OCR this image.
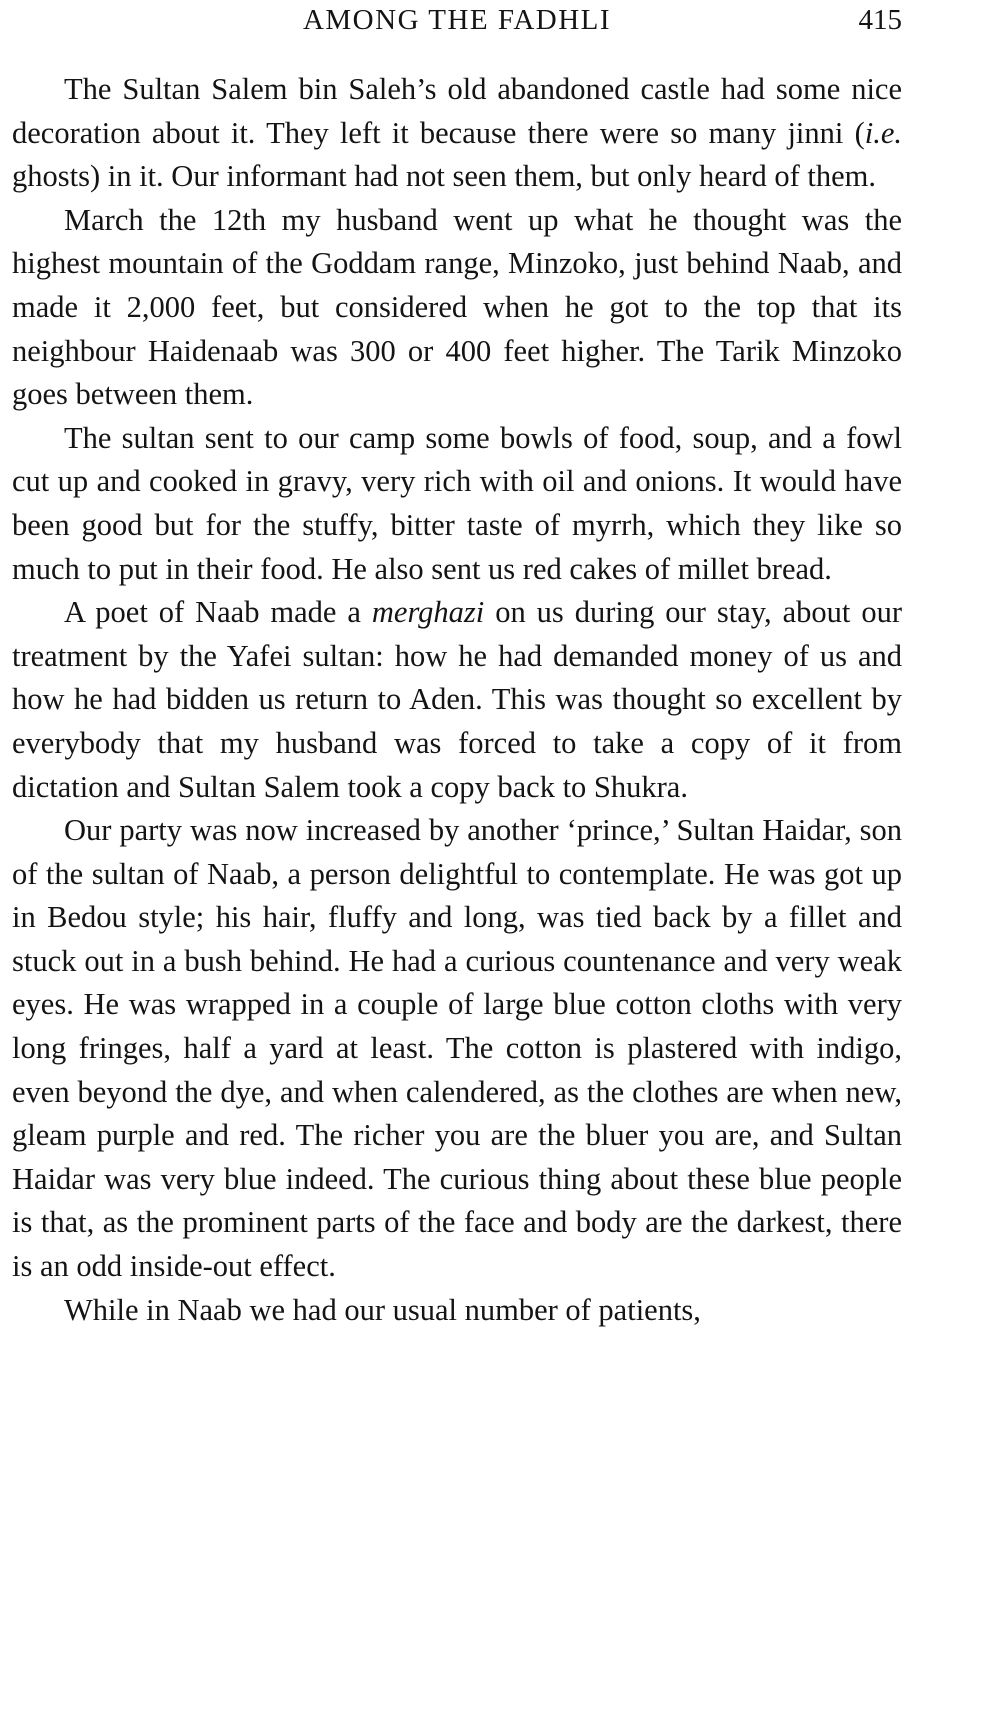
AMONG THE FADHLI	415

The Sultan Salem bin Saleh’s old abandoned castle had some nice decoration about it. They left it because there were so many jinni (i.e. ghosts) in it. Our informant had not seen them, but only heard of them.

March the 12th my husband went up what he thought was the highest mountain of the Goddam range, Minzoko, just behind Naab, and made it 2,000 feet, but considered when he got to the top that its neighbour Haidenaab was 300 or 400 feet higher. The Tarik Minzoko goes between them.

The sultan sent to our camp some bowls of food, soup, and a fowl cut up and cooked in gravy, very rich with oil and onions. It would have been good but for the stuffy, bitter taste of myrrh, which they like so much to put in their food. He also sent us red cakes of millet bread.

A poet of Naab made a merghazi on us during our stay, about our treatment by the Yafei sultan: how he had demanded money of us and how he had bidden us return to Aden. This was thought so excellent by everybody that my husband was forced to take a copy of it from dictation and Sultan Salem took a copy back to Shukra.

Our party was now increased by another ‘prince,’ Sultan Haidar, son of the sultan of Naab, a person delightful to contemplate. He was got up in Bedou style; his hair, fluffy and long, was tied back by a fillet and stuck out in a bush behind. He had a curious countenance and very weak eyes. He was wrapped in a couple of large blue cotton cloths with very long fringes, half a yard at least. The cotton is plastered with indigo, even beyond the dye, and when calendered, as the clothes are when new, gleam purple and red. The richer you are the bluer you are, and Sultan Haidar was very blue indeed. The curious thing about these blue people is that, as the prominent parts of the face and body are the darkest, there is an odd inside-out effect.

While in Naab we had our usual number of patients,
